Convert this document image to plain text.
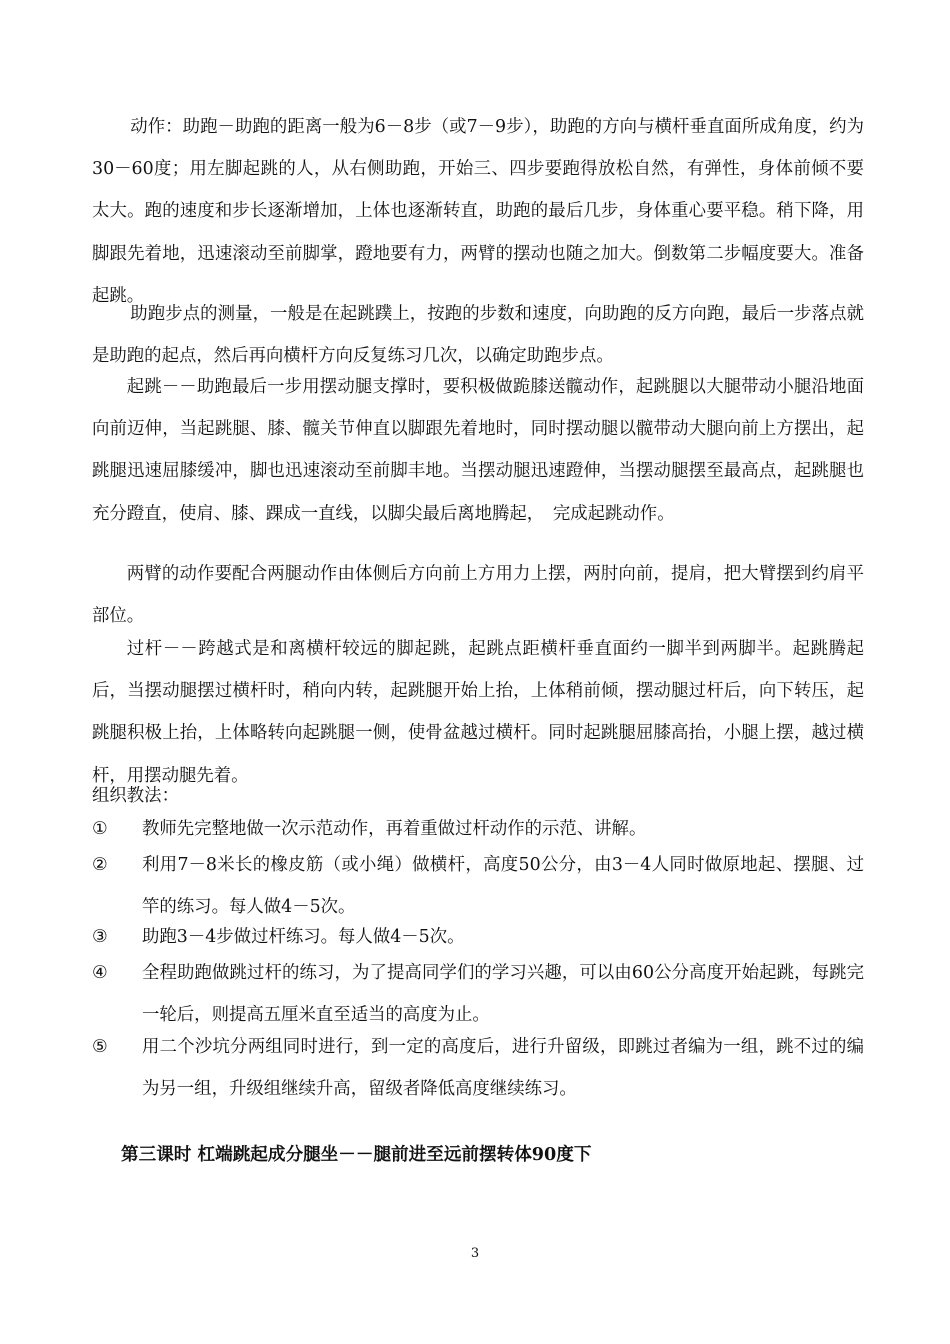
动作：助跑－助跑的距离一般为6－8步（或7－9步），助跑的方向与横杆垂直面所成角度，约为30－60度；用左脚起跳的人，从右侧助跑，开始三、四步要跑得放松自然，有弹性，身体前倾不要太大。跑的速度和步长逐渐增加，上体也逐渐转直，助跑的最后几步，身体重心要平稳。稍下降，用脚跟先着地，迅速滚动至前脚掌，蹬地要有力，两臂的摆动也随之加大。倒数第二步幅度要大。准备起跳。

助跑步点的测量，一般是在起跳蹼上，按跑的步数和速度，向助跑的反方向跑，最后一步落点就是助跑的起点，然后再向横杆方向反复练习几次，以确定助跑步点。

起跳－－助跑最后一步用摆动腿支撑时，要积极做跪膝送髋动作，起跳腿以大腿带动小腿沿地面向前迈伸，当起跳腿、膝、髋关节伸直以脚跟先着地时，同时摆动腿以髋带动大腿向前上方摆出，起跳腿迅速屈膝缓冲，脚也迅速滚动至前脚丰地。当摆动腿迅速蹬伸，当摆动腿摆至最高点，起跳腿也充分蹬直，使肩、膝、踝成一直线，以脚尖最后离地腾起，　完成起跳动作。

两臂的动作要配合两腿动作由体侧后方向前上方用力上摆，两肘向前，提肩，把大臂摆到约肩平部位。

过杆－－跨越式是和离横杆较远的脚起跳，起跳点距横杆垂直面约一脚半到两脚半。起跳腾起后，当摆动腿摆过横杆时，稍向内转，起跳腿开始上抬，上体稍前倾，摆动腿过杆后，向下转压，起跳腿积极上抬，上体略转向起跳腿一侧，使骨盆越过横杆。同时起跳腿屈膝高抬，小腿上摆，越过横杆，用摆动腿先着。

组织教法：

①	教师先完整地做一次示范动作，再着重做过杆动作的示范、讲解。
②	利用7－8米长的橡皮筋（或小绳）做横杆，高度50公分，由3－4人同时做原地起、摆腿、过竿的练习。每人做4－5次。
③	助跑3－4步做过杆练习。每人做4－5次。
④	全程助跑做跳过杆的练习，为了提高同学们的学习兴趣，可以由60公分高度开始起跳，每跳完一轮后，则提高五厘米直至适当的高度为止。
⑤	用二个沙坑分两组同时进行，到一定的高度后，进行升留级，即跳过者编为一组，跳不过的编为另一组，升级组继续升高，留级者降低高度继续练习。

第三课时 杠端跳起成分腿坐－－腿前进至远前摆转体90度下

3
